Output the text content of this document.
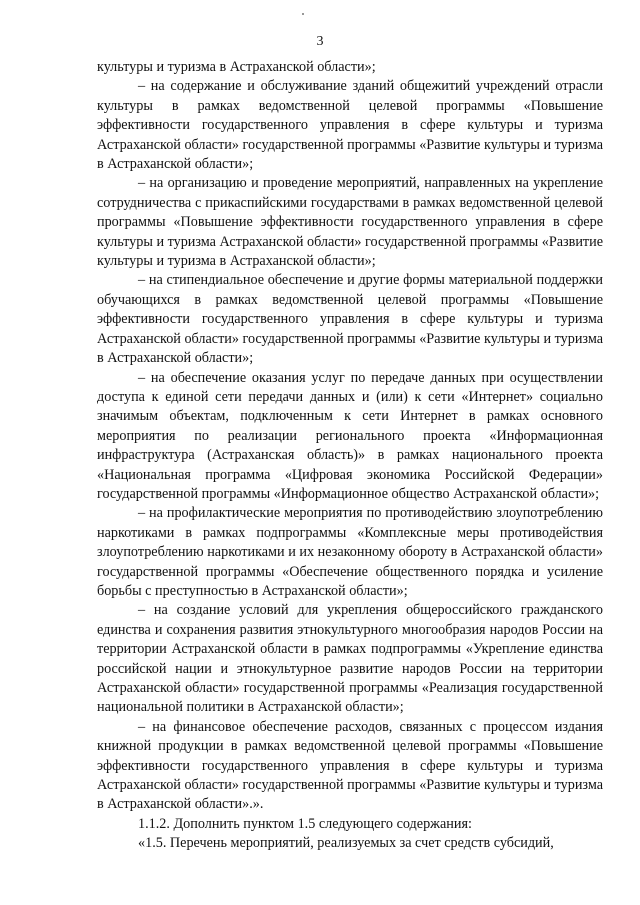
3

культуры и туризма в Астраханской области»;

– на содержание и обслуживание зданий общежитий учреждений отрасли культуры в рамках ведомственной целевой программы «Повышение эффективности государственного управления в сфере культуры и туризма Астраханской области» государственной программы «Развитие культуры и туризма в Астраханской области»;

– на организацию и проведение мероприятий, направленных на укрепление сотрудничества с прикаспийскими государствами в рамках ведомственной целевой программы «Повышение эффективности государственного управления в сфере культуры и туризма Астраханской области» государственной программы «Развитие культуры и туризма в Астраханской области»;

– на стипендиальное обеспечение и другие формы материальной поддержки обучающихся в рамках ведомственной целевой программы «Повышение эффективности государственного управления в сфере культуры и туризма Астраханской области» государственной программы «Развитие культуры и туризма в Астраханской области»;

– на обеспечение оказания услуг по передаче данных при осуществлении доступа к единой сети передачи данных и (или) к сети «Интернет» социально значимым объектам, подключенным к сети Интернет в рамках основного мероприятия по реализации регионального проекта «Информационная инфраструктура (Астраханская область)» в рамках национального проекта «Национальная программа «Цифровая экономика Российской Федерации» государственной программы «Информационное общество Астраханской области»;

– на профилактические мероприятия по противодействию злоупотреблению наркотиками в рамках подпрограммы «Комплексные меры противодействия злоупотреблению наркотиками и их незаконному обороту в Астраханской области» государственной программы «Обеспечение общественного порядка и усиление борьбы с преступностью в Астраханской области»;

– на создание условий для укрепления общероссийского гражданского единства и сохранения развития этнокультурного многообразия народов России на территории Астраханской области в рамках подпрограммы «Укрепление единства российской нации и этнокультурное развитие народов России на территории Астраханской области» государственной программы «Реализация государственной национальной политики в Астраханской области»;

– на финансовое обеспечение расходов, связанных с процессом издания книжной продукции в рамках ведомственной целевой программы «Повышение эффективности государственного управления в сфере культуры и туризма Астраханской области» государственной программы «Развитие культуры и туризма в Астраханской области».».

1.1.2. Дополнить пунктом 1.5 следующего содержания:

«1.5. Перечень мероприятий, реализуемых за счет средств субсидий,
